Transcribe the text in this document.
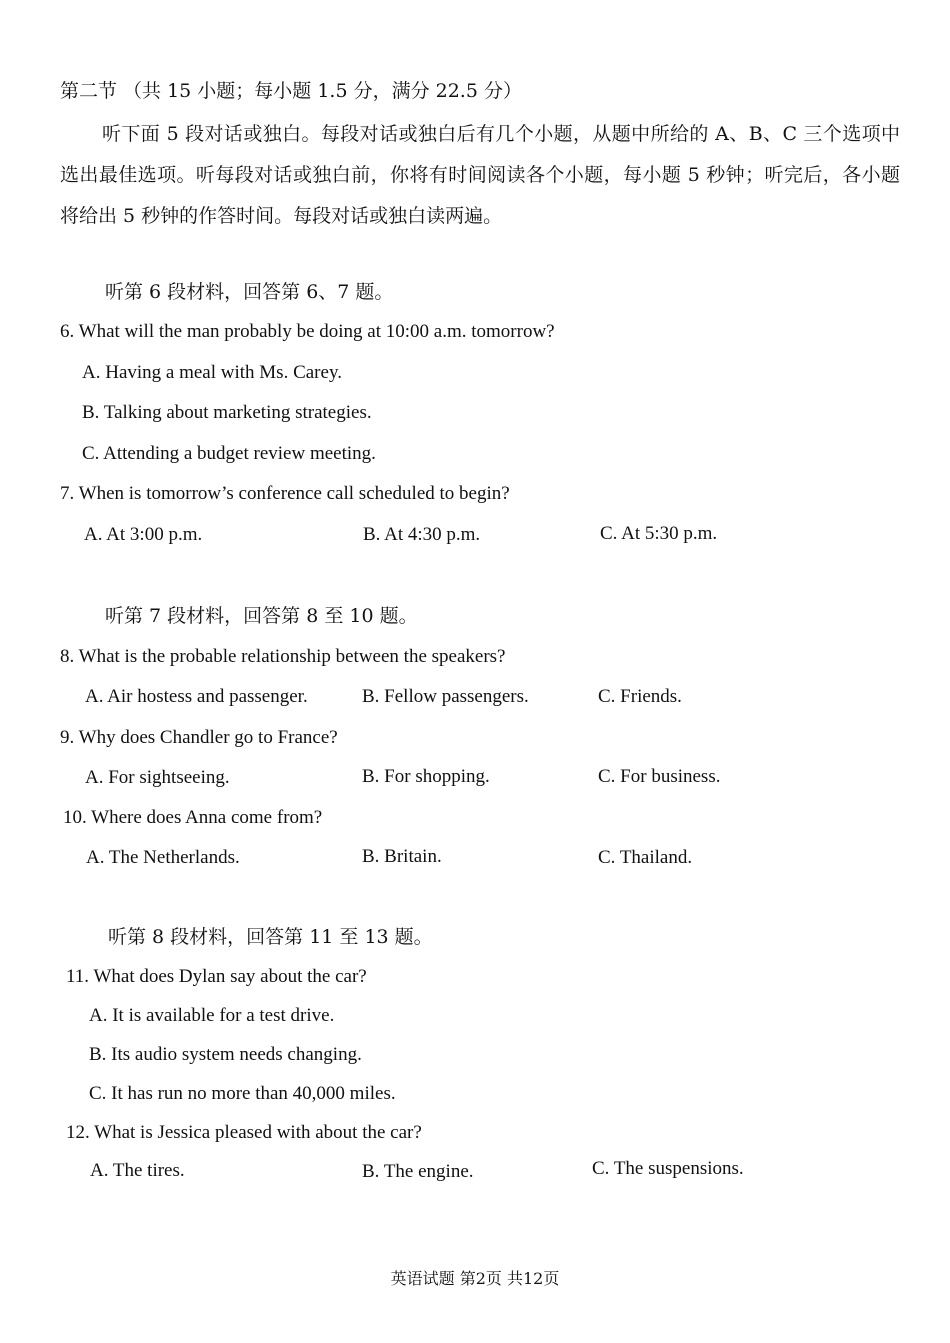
第二节 （共 15 小题；每小题 1.5 分，满分 22.5 分）
听下面 5 段对话或独白。每段对话或独白后有几个小题，从题中所给的 A、B、C 三个选项中选出最佳选项。听每段对话或独白前，你将有时间阅读各个小题，每小题 5 秒钟；听完后，各小题将给出 5 秒钟的作答时间。每段对话或独白读两遍。
听第 6 段材料，回答第 6、7 题。
6. What will the man probably be doing at 10:00 a.m. tomorrow?
A. Having a meal with Ms. Carey.
B. Talking about marketing strategies.
C. Attending a budget review meeting.
7. When is tomorrow’s conference call scheduled to begin?
A. At 3:00 p.m.	B. At 4:30 p.m.	C. At 5:30 p.m.
听第 7 段材料，回答第 8 至 10 题。
8. What is the probable relationship between the speakers?
A. Air hostess and passenger.	B. Fellow passengers.	C. Friends.
9. Why does Chandler go to France?
A. For sightseeing.	B. For shopping.	C. For business.
10. Where does Anna come from?
A. The Netherlands.	B. Britain.	C. Thailand.
听第 8 段材料，回答第 11 至 13 题。
11. What does Dylan say about the car?
A. It is available for a test drive.
B. Its audio system needs changing.
C. It has run no more than 40,000 miles.
12. What is Jessica pleased with about the car?
A. The tires.	B. The engine.	C. The suspensions.
英语试题 第2页 共12页
